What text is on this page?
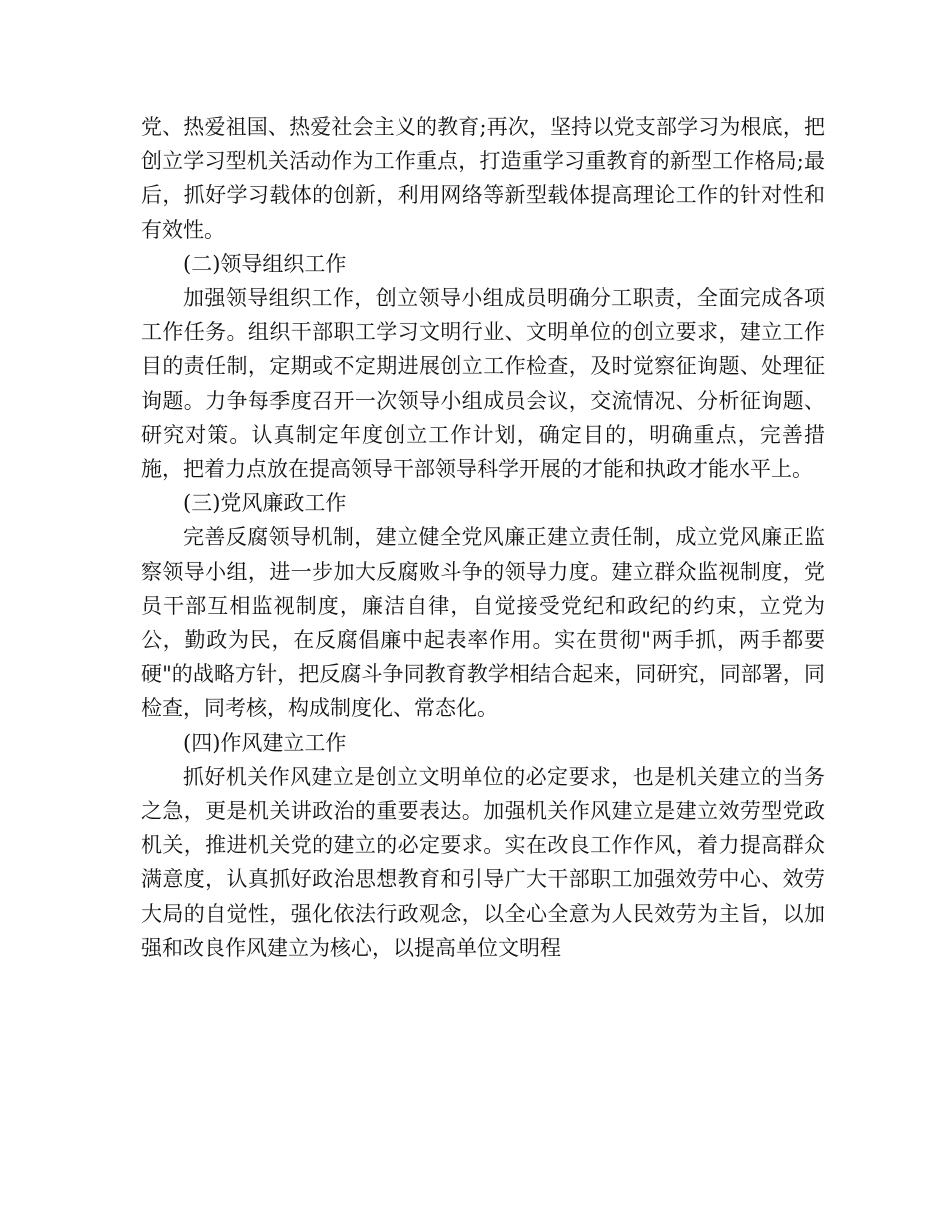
党、热爱祖国、热爱社会主义的教育;再次，坚持以党支部学习为根底，把创立学习型机关活动作为工作重点，打造重学习重教育的新型工作格局;最后，抓好学习载体的创新，利用网络等新型载体提高理论工作的针对性和有效性。

(二)领导组织工作

加强领导组织工作，创立领导小组成员明确分工职责，全面完成各项工作任务。组织干部职工学习文明行业、文明单位的创立要求，建立工作目的责任制，定期或不定期进展创立工作检查，及时觉察征询题、处理征询题。力争每季度召开一次领导小组成员会议，交流情况、分析征询题、研究对策。认真制定年度创立工作计划，确定目的，明确重点，完善措施，把着力点放在提高领导干部领导科学开展的才能和执政才能水平上。

(三)党风廉政工作

完善反腐领导机制，建立健全党风廉正建立责任制，成立党风廉正监察领导小组，进一步加大反腐败斗争的领导力度。建立群众监视制度，党员干部互相监视制度，廉洁自律，自觉接受党纪和政纪的约束，立党为公，勤政为民，在反腐倡廉中起表率作用。实在贯彻"两手抓，两手都要硬"的战略方针，把反腐斗争同教育教学相结合起来，同研究，同部署，同检查，同考核，构成制度化、常态化。

(四)作风建立工作

抓好机关作风建立是创立文明单位的必定要求，也是机关建立的当务之急，更是机关讲政治的重要表达。加强机关作风建立是建立效劳型党政机关，推进机关党的建立的必定要求。实在改良工作作风，着力提高群众满意度，认真抓好政治思想教育和引导广大干部职工加强效劳中心、效劳大局的自觉性，强化依法行政观念，以全心全意为人民效劳为主旨，以加强和改良作风建立为核心，以提高单位文明程
